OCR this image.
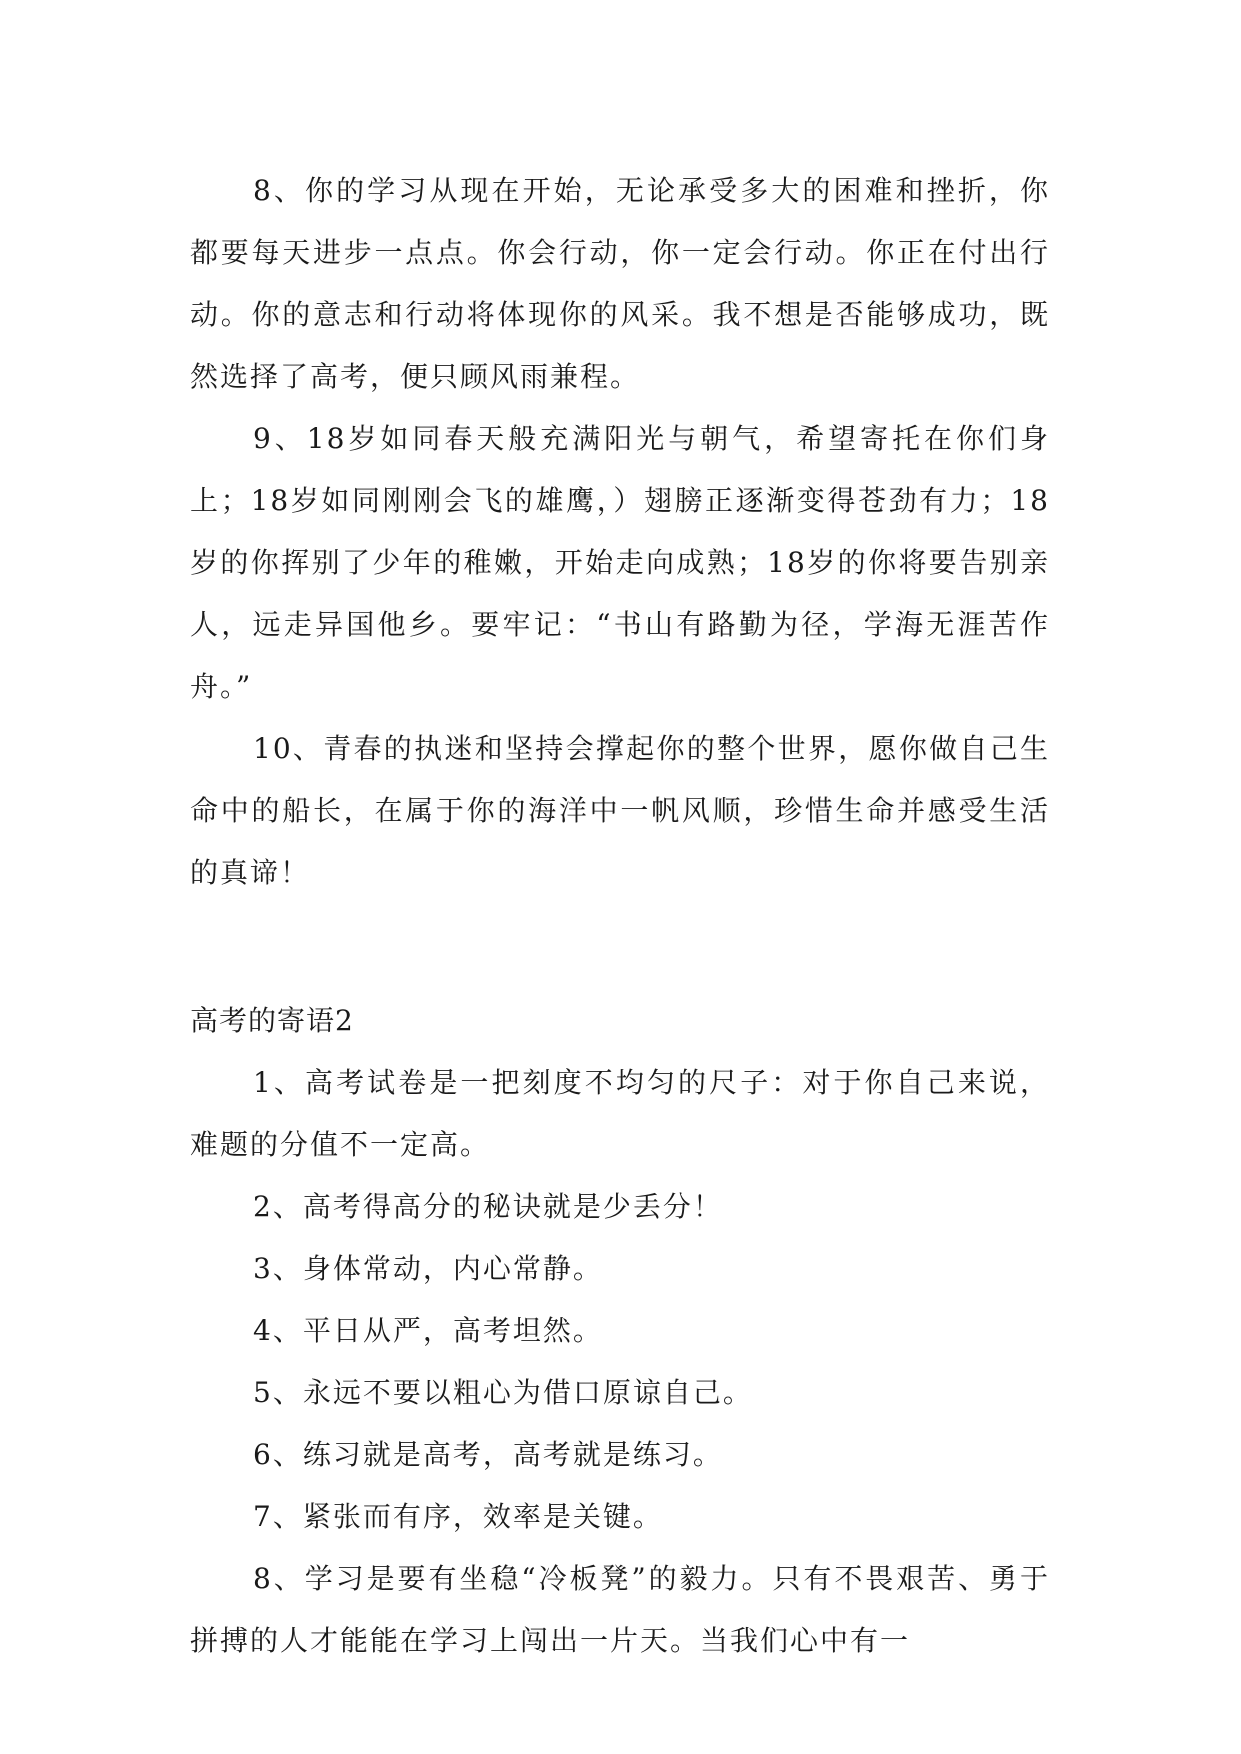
8、你的学习从现在开始，无论承受多大的困难和挫折，你都要每天进步一点点。你会行动，你一定会行动。你正在付出行动。你的意志和行动将体现你的风采。我不想是否能够成功，既然选择了高考，便只顾风雨兼程。

9、18岁如同春天般充满阳光与朝气，希望寄托在你们身上；18岁如同刚刚会飞的雄鹰，）翅膀正逐渐变得苍劲有力；18岁的你挥别了少年的稚嫩，开始走向成熟；18岁的你将要告别亲人，远走异国他乡。要牢记：“书山有路勤为径，学海无涯苦作舟。”

10、青春的执迷和坚持会撑起你的整个世界，愿你做自己生命中的船长，在属于你的海洋中一帆风顺，珍惜生命并感受生活的真谛！

高考的寄语2

1、高考试卷是一把刻度不均匀的尺子：对于你自己来说，难题的分值不一定高。

2、高考得高分的秘诀就是少丢分！

3、身体常动，内心常静。

4、平日从严，高考坦然。

5、永远不要以粗心为借口原谅自己。

6、练习就是高考，高考就是练习。

7、紧张而有序，效率是关键。

8、学习是要有坐稳“冷板凳”的毅力。只有不畏艰苦、勇于拼搏的人才能能在学习上闯出一片天。当我们心中有一
